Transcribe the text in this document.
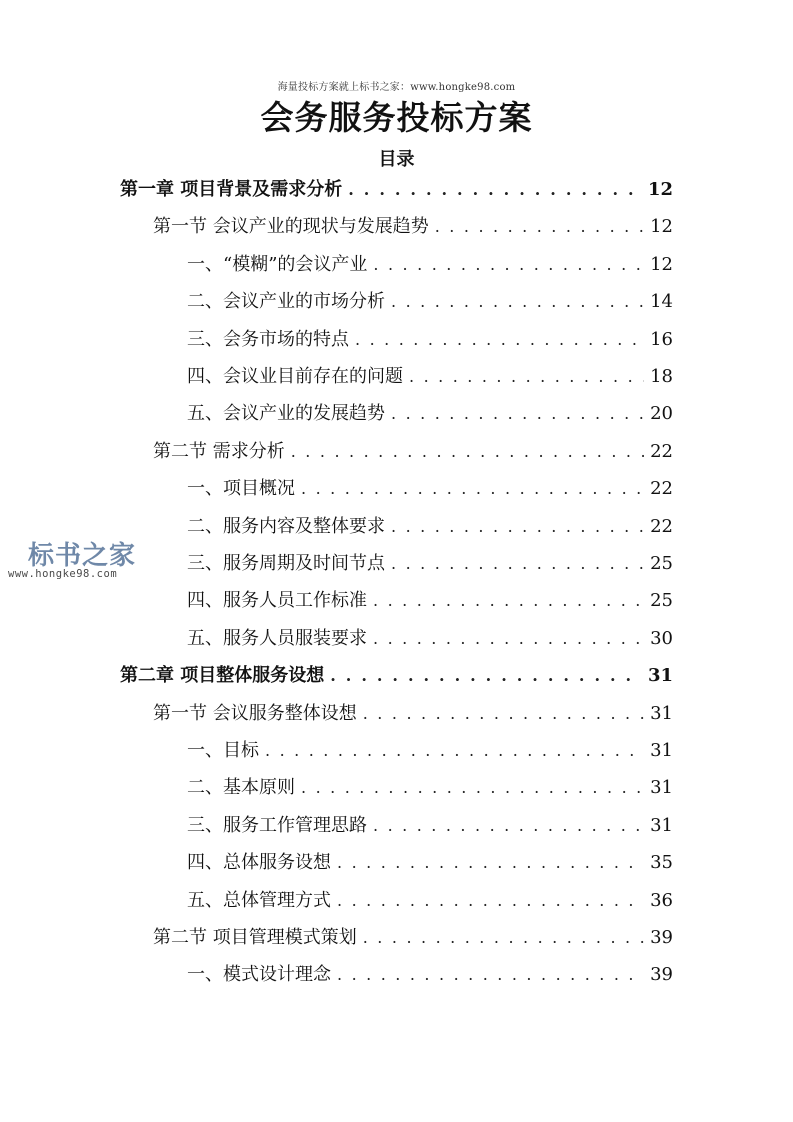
海量投标方案就上标书之家：www.hongke98.com
会务服务投标方案
目录
第一章 项目背景及需求分析 . . .	12
第一节 会议产业的现状与发展趋势 . . .	12
一、“模糊”的会议产业 . . .	12
二、会议产业的市场分析 . . .	14
三、会务市场的特点 . . .	16
四、会议业目前存在的问题 . . .	18
五、会议产业的发展趋势 . . .	20
第二节 需求分析 . . .	22
一、项目概况 . . .	22
二、服务内容及整体要求 . . .	22
三、服务周期及时间节点 . . .	25
四、服务人员工作标准 . . .	25
五、服务人员服装要求 . . .	30
第二章 项目整体服务设想 . . .	31
第一节 会议服务整体设想 . . .	31
一、目标 . . .	31
二、基本原则 . . .	31
三、服务工作管理思路 . . .	31
四、总体服务设想 . . .	35
五、总体管理方式 . . .	36
第二节 项目管理模式策划 . . .	39
一、模式设计理念 . . .	39
标书之家
www.hongke98.com
